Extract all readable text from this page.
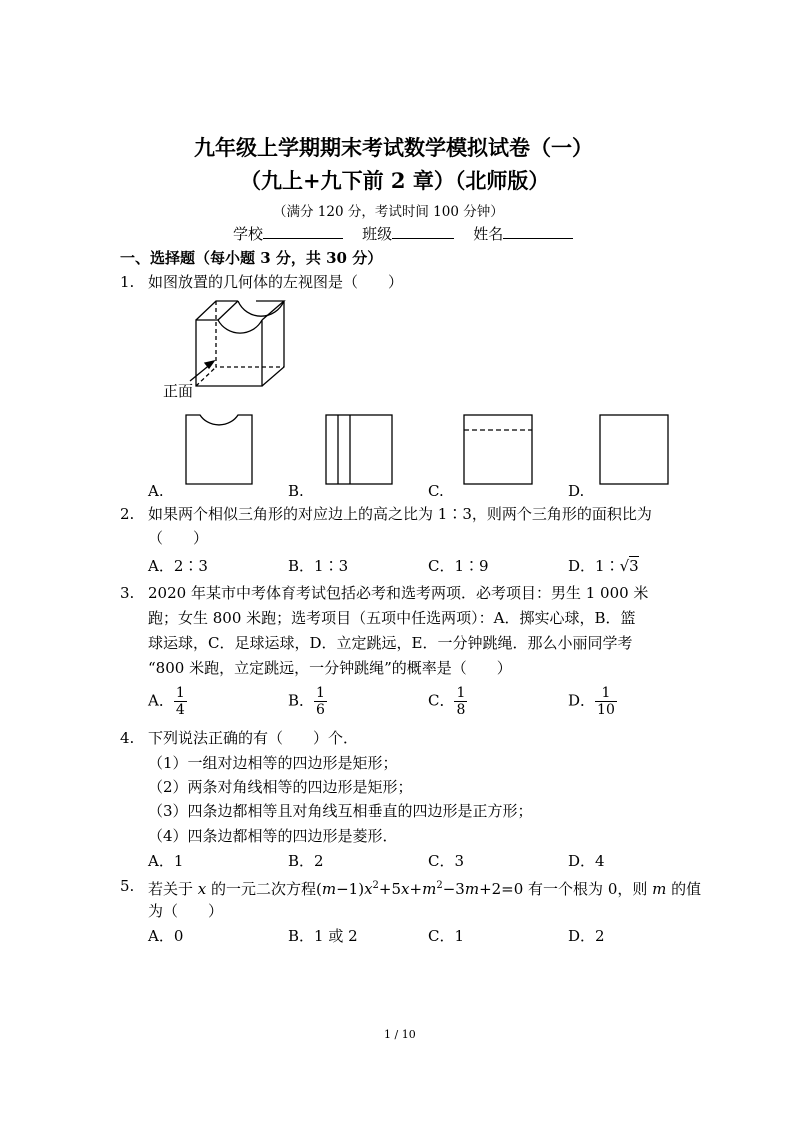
九年级上学期期末考试数学模拟试卷（一）
（九上+九下前 2 章）（北师版）
（满分 120 分，考试时间 100 分钟）
学校	班级	姓名
一、选择题（每小题 3 分，共 30 分）
1. 如图放置的几何体的左视图是（　　）
正面
A.	B.	C.	D.
2. 如果两个相似三角形的对应边上的高之比为 1∶3，则两个三角形的面积比为
（　　）
A．2∶3	B．1∶3	C．1∶9	D．1∶√3
3. 2020 年某市中考体育考试包括必考和选考两项．必考项目：男生 1 000 米
跑；女生 800 米跑；选考项目（五项中任选两项）：A．掷实心球，B．篮
球运球，C．足球运球，D．立定跳远，E．一分钟跳绳．那么小丽同学考
“800 米跑，立定跳远，一分钟跳绳”的概率是（　　）
A． $\frac{1}{4}$	B． $\frac{1}{6}$	C． $\frac{1}{8}$	D． $\frac{1}{10}$
4. 下列说法正确的有（　　）个．
（1）一组对边相等的四边形是矩形；
（2）两条对角线相等的四边形是矩形；
（3）四条边都相等且对角线互相垂直的四边形是正方形；
（4）四条边都相等的四边形是菱形．
A．1	B．2	C．3	D．4
5. 若关于 x 的一元二次方程$(m-1)x^2+5x+m^2-3m+2=0$ 有一个根为 0，则 m 的值
为（　　）
A．0	B．1 或 2	C．1	D．2
1 / 10
